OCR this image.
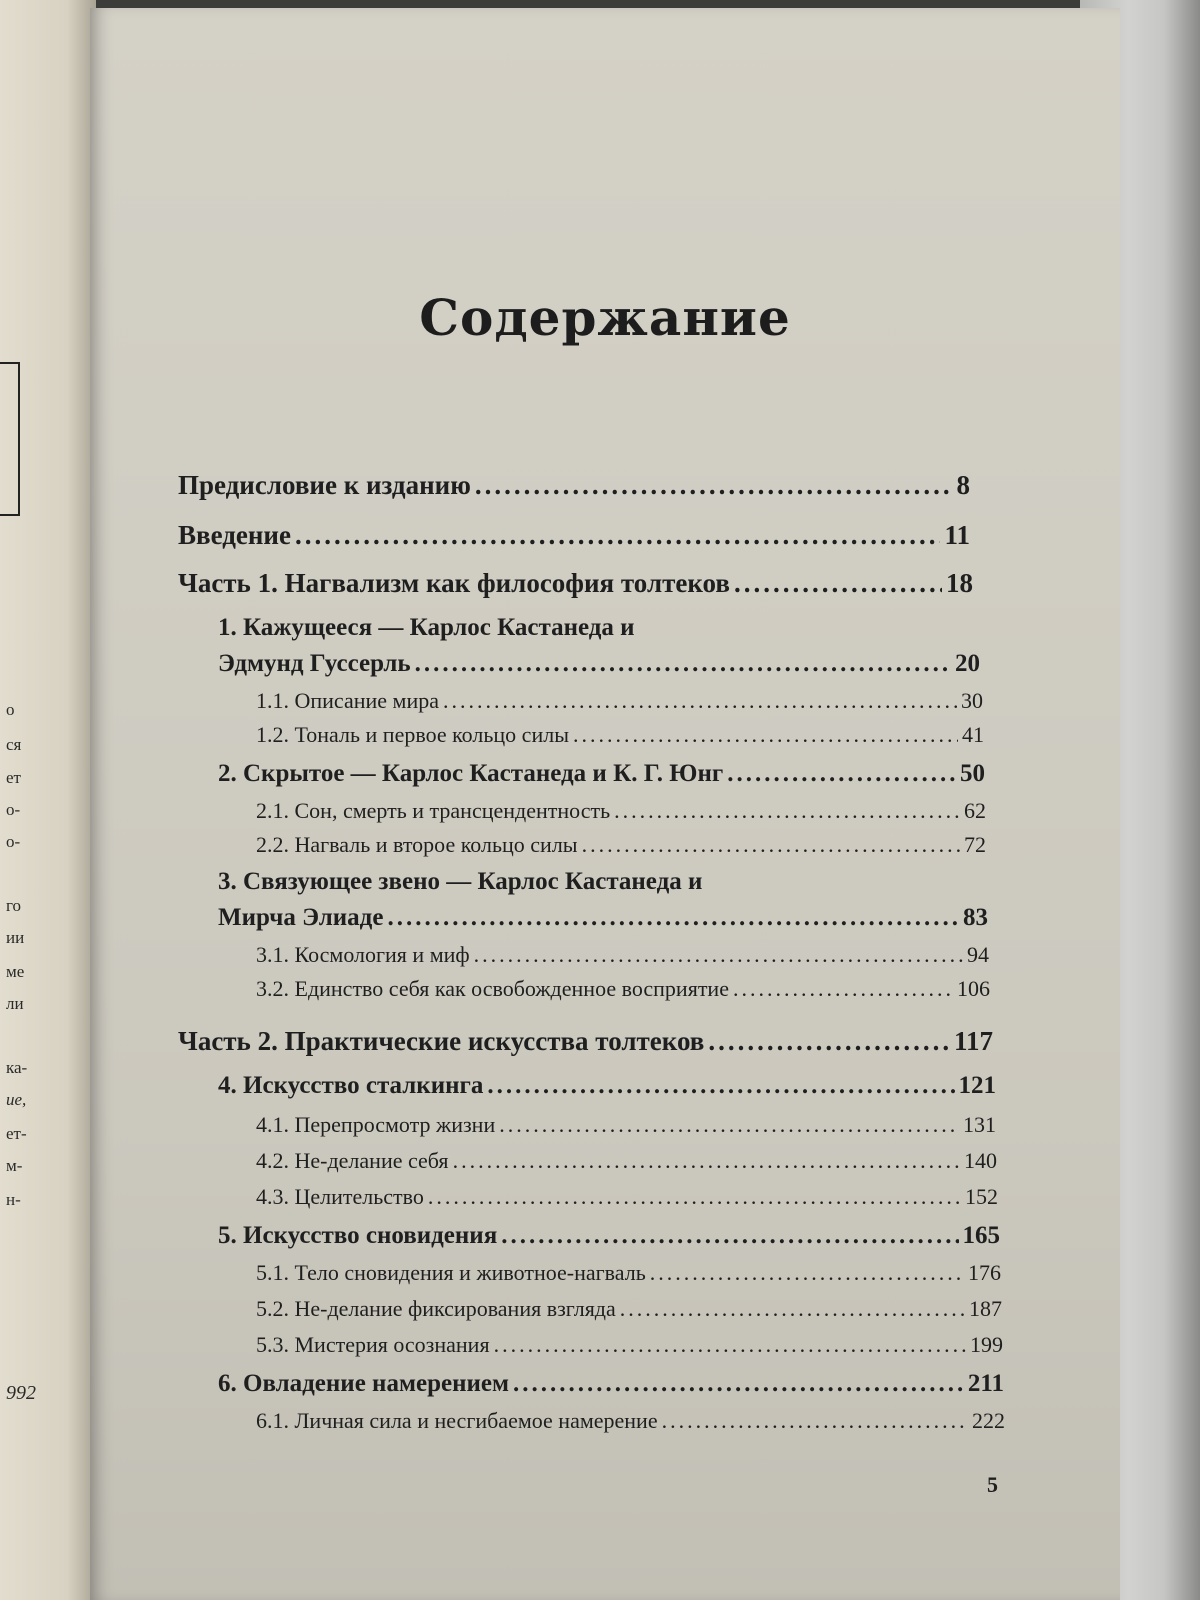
о
ся
ет
о-
о-
го
ии
ме
ли
ка-
ие,
ет-
м-
н-
992
Содержание
Предисловие к изданию .....	8
Введение .....	11
Часть 1. Нагвализм как философия толтеков .....	18
1. Кажущееся — Карлос Кастанеда и
Эдмунд Гуссерль .....	20
1.1. Описание мира .....	30
1.2. Тональ и первое кольцо силы .....	41
2. Скрытое — Карлос Кастанеда и К. Г. Юнг .....	50
2.1. Сон, смерть и трансцендентность .....	62
2.2. Нагваль и второе кольцо силы .....	72
3. Связующее звено — Карлос Кастанеда и
Мирча Элиаде .....	83
3.1. Космология и миф .....	94
3.2. Единство себя как освобожденное восприятие .....	106
Часть 2. Практические искусства толтеков .....	117
4. Искусство сталкинга .....	121
4.1. Перепросмотр жизни .....	131
4.2. Не-делание себя .....	140
4.3. Целительство .....	152
5. Искусство сновидения .....	165
5.1. Тело сновидения и животное-нагваль .....	176
5.2. Не-делание фиксирования взгляда .....	187
5.3. Мистерия осознания .....	199
6. Овладение намерением .....	211
6.1. Личная сила и несгибаемое намерение .....	222
5
